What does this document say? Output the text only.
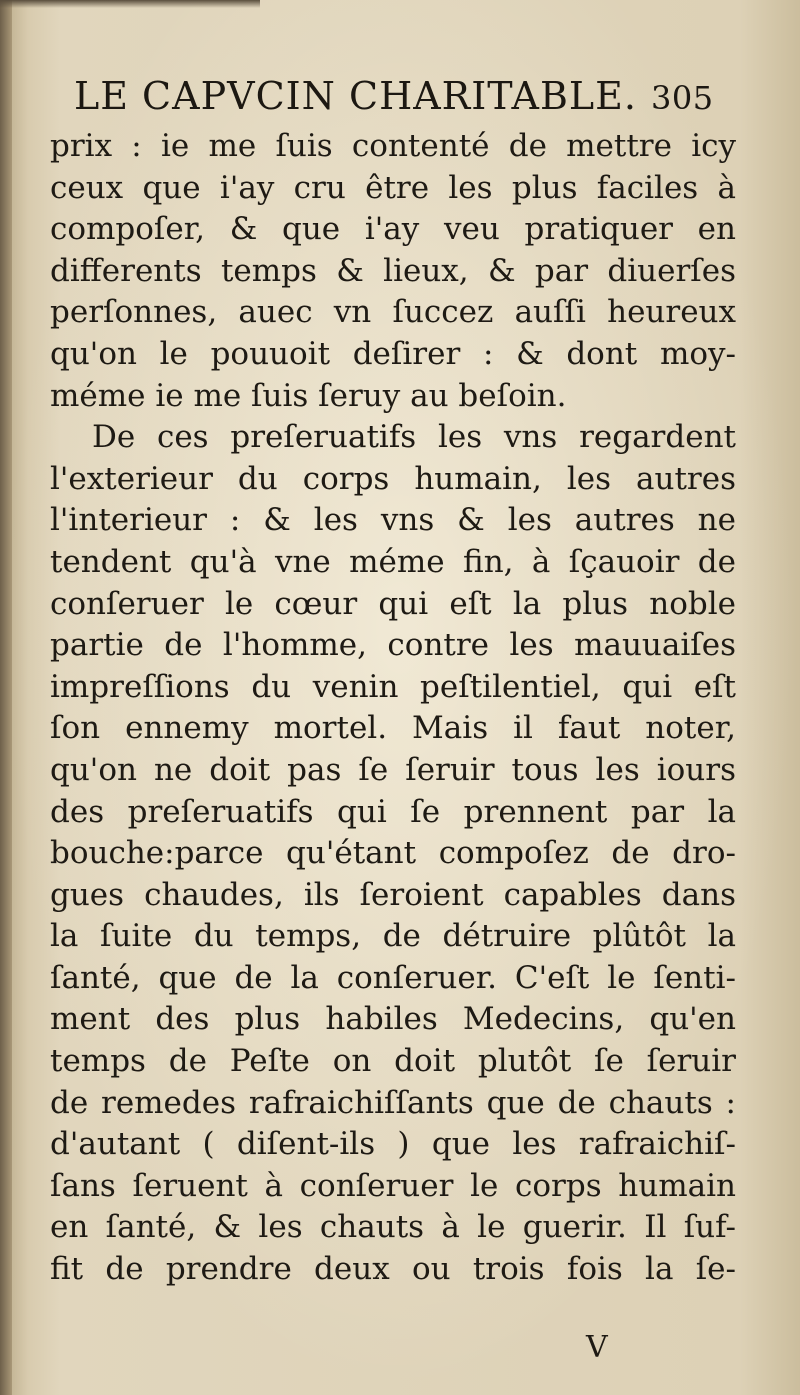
LE CAPVCIN CHARITABLE. 305
prix : ie me ſuis contenté de mettre icy
ceux que i'ay cru être les plus faciles à
compoſer, & que i'ay veu pratiquer en
differents temps & lieux, & par diuerſes
perſonnes, auec vn ſuccez auſſi heureux
qu'on le pouuoit deſirer : & dont moy-
méme ie me ſuis ſeruy au beſoin.
De ces preſeruatifs les vns regardent
l'exterieur du corps humain, les autres
l'interieur : & les vns & les autres ne
tendent qu'à vne méme fin, à ſçauoir de
conſeruer le cœur qui eſt la plus noble
partie de l'homme, contre les mauuaiſes
impreſſions du venin peſtilentiel, qui eſt
ſon ennemy mortel. Mais il faut noter,
qu'on ne doit pas ſe ſeruir tous les iours
des preſeruatifs qui ſe prennent par la
bouche:parce qu'étant compoſez de dro-
gues chaudes, ils ſeroient capables dans
la ſuite du temps, de détruire plûtôt la
ſanté, que de la conſeruer. C'eſt le ſenti-
ment des plus habiles Medecins, qu'en
temps de Peſte on doit plutôt ſe ſeruir
de remedes rafraichiſſants que de chauts :
d'autant ( diſent-ils ) que les rafraichiſ-
ſans ſeruent à conſeruer le corps humain
en ſanté, & les chauts à le guerir. Il ſuf-
fit de prendre deux ou trois fois la ſe-
V
